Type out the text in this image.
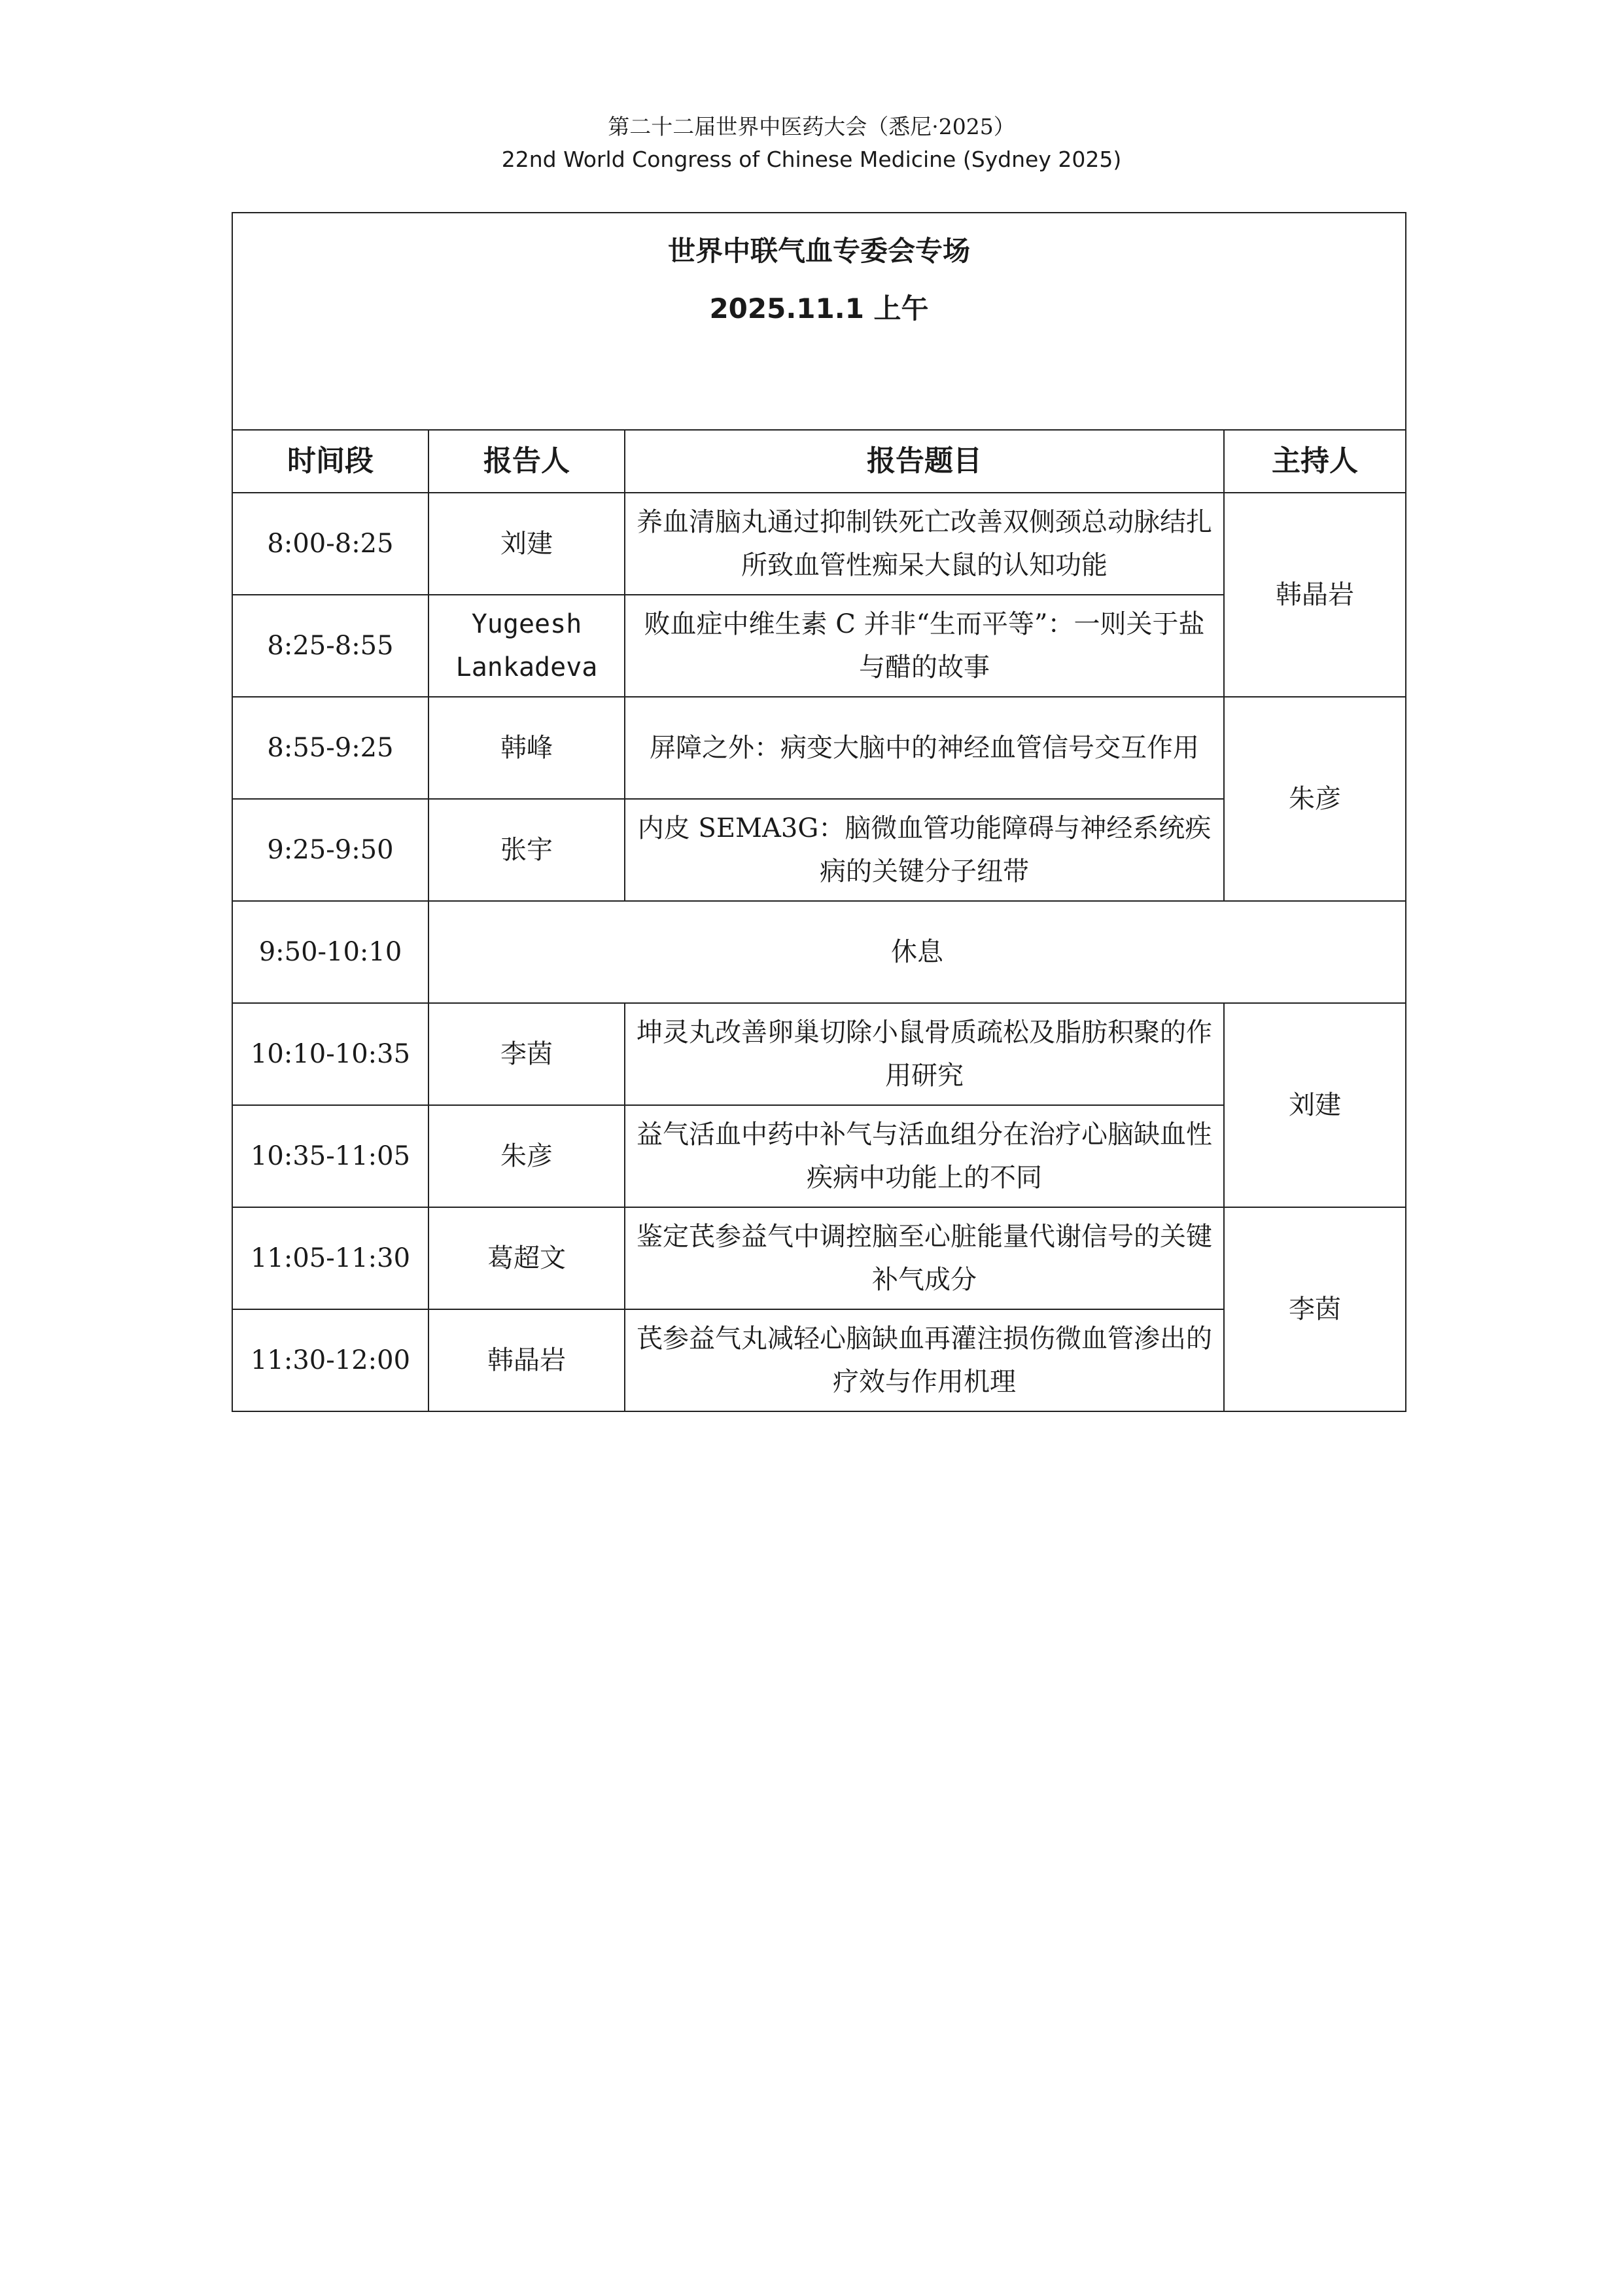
第二十二届世界中医药大会（悉尼·2025）
22nd World Congress of Chinese Medicine (Sydney 2025)
世界中联气血专委会专场
2025.11.1 上午			

时间段	报告人	报告题目	主持人
8:00-8:25	刘建	养血清脑丸通过抑制铁死亡改善双侧颈总动脉结扎所致血管性痴呆大鼠的认知功能	韩晶岩
8:25-8:55	Yugeesh Lankadeva	败血症中维生素 C 并非“生而平等”：一则关于盐与醋的故事	
8:55-9:25	韩峰	屏障之外：病变大脑中的神经血管信号交互作用	朱彦
9:25-9:50	张宇	内皮 SEMA3G：脑微血管功能障碍与神经系统疾病的关键分子纽带	
9:50-10:10	休息		
10:10-10:35	李茵	坤灵丸改善卵巢切除小鼠骨质疏松及脂肪积聚的作用研究	刘建
10:35-11:05	朱彦	益气活血中药中补气与活血组分在治疗心脑缺血性疾病中功能上的不同	
11:05-11:30	葛超文	鉴定芪参益气中调控脑至心脏能量代谢信号的关键补气成分	李茵
11:30-12:00	韩晶岩	芪参益气丸减轻心脑缺血再灌注损伤微血管渗出的疗效与作用机理	
